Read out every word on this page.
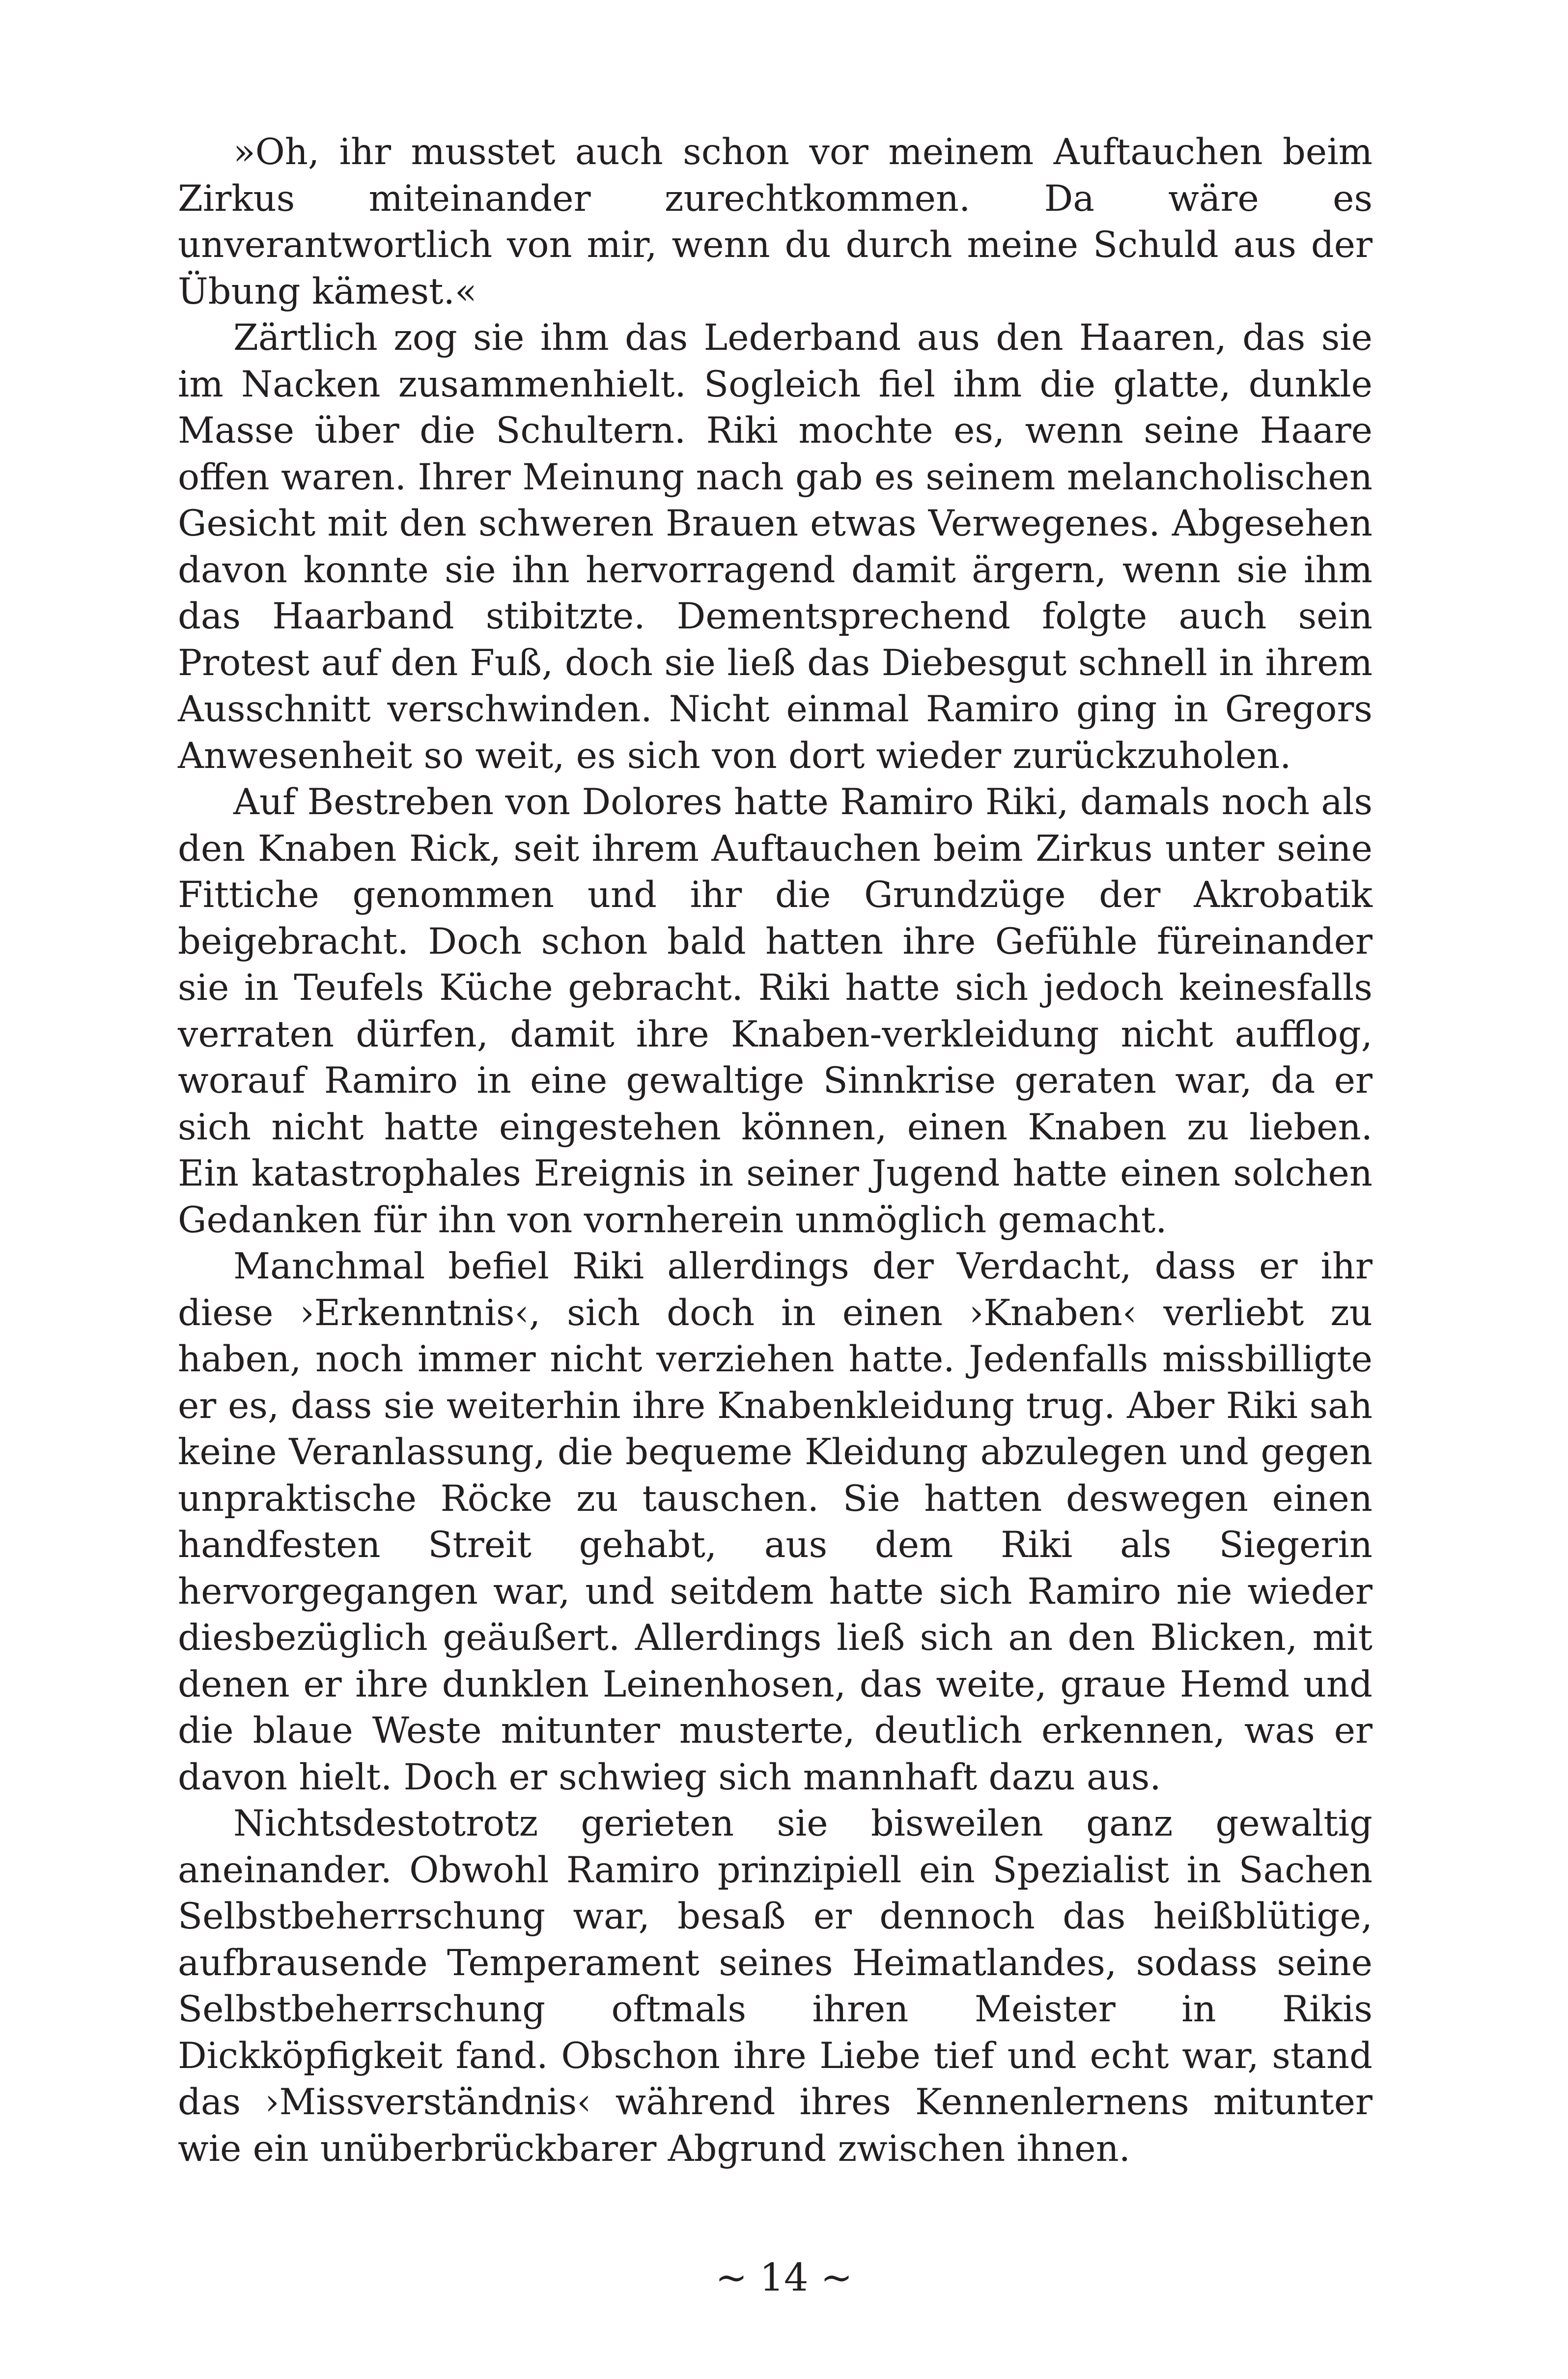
»Oh, ihr musstet auch schon vor meinem Auftauchen beim Zirkus miteinander zurechtkommen. Da wäre es unverantwortlich von mir, wenn du durch meine Schuld aus der Übung kämest.«

Zärtlich zog sie ihm das Lederband aus den Haaren, das sie im Nacken zusammenhielt. Sogleich fiel ihm die glatte, dunkle Masse über die Schultern. Riki mochte es, wenn seine Haare offen waren. Ihrer Meinung nach gab es seinem melancholischen Gesicht mit den schweren Brauen etwas Verwegenes. Abgesehen davon konnte sie ihn hervorragend damit ärgern, wenn sie ihm das Haarband stibitzte. Dementsprechend folgte auch sein Protest auf den Fuß, doch sie ließ das Diebesgut schnell in ihrem Ausschnitt verschwinden. Nicht einmal Ramiro ging in Gregors Anwesenheit so weit, es sich von dort wieder zurückzuholen.

Auf Bestreben von Dolores hatte Ramiro Riki, damals noch als den Knaben Rick, seit ihrem Auftauchen beim Zirkus unter seine Fittiche genommen und ihr die Grundzüge der Akrobatik beigebracht. Doch schon bald hatten ihre Gefühle füreinander sie in Teufels Küche gebracht. Riki hatte sich jedoch keinesfalls verraten dürfen, damit ihre Knaben-verkleidung nicht aufflog, worauf Ramiro in eine gewaltige Sinnkrise geraten war, da er sich nicht hatte eingestehen können, einen Knaben zu lieben. Ein katastrophales Ereignis in seiner Jugend hatte einen solchen Gedanken für ihn von vornherein unmöglich gemacht.

Manchmal befiel Riki allerdings der Verdacht, dass er ihr diese ›Erkenntnis‹, sich doch in einen ›Knaben‹ verliebt zu haben, noch immer nicht verziehen hatte. Jedenfalls missbilligte er es, dass sie weiterhin ihre Knabenkleidung trug. Aber Riki sah keine Veranlassung, die bequeme Kleidung abzulegen und gegen unpraktische Röcke zu tauschen. Sie hatten deswegen einen handfesten Streit gehabt, aus dem Riki als Siegerin hervorgegangen war, und seitdem hatte sich Ramiro nie wieder diesbezüglich geäußert. Allerdings ließ sich an den Blicken, mit denen er ihre dunklen Leinenhosen, das weite, graue Hemd und die blaue Weste mitunter musterte, deutlich erkennen, was er davon hielt. Doch er schwieg sich mannhaft dazu aus.

Nichtsdestotrotz gerieten sie bisweilen ganz gewaltig aneinander. Obwohl Ramiro prinzipiell ein Spezialist in Sachen Selbstbeherrschung war, besaß er dennoch das heißblütige, aufbrausende Temperament seines Heimatlandes, sodass seine Selbstbeherrschung oftmals ihren Meister in Rikis Dickköpfigkeit fand. Obschon ihre Liebe tief und echt war, stand das ›Missverständnis‹ während ihres Kennenlernens mitunter wie ein unüberbrückbarer Abgrund zwischen ihnen.

~ 14 ~
